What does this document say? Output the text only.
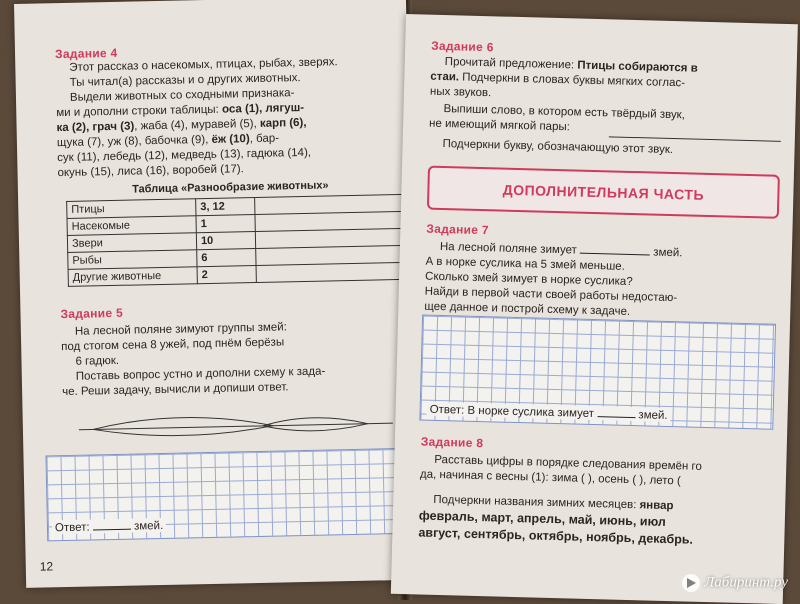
Задание 4

Этот рассказ о насекомых, птицах, рыбах, зверях.

Ты читал(а) рассказы и о других животных.

Выдели животных со сходными признака-

ми и дополни строки таблицы: оса (1), лягуш-

ка (2), грач (3), жаба (4), муравей (5), карп (6),

щука (7), уж (8), бабочка (9), ёж (10), бар-

сук (11), лебедь (12), медведь (13), гадюка (14),

окунь (15), лиса (16), воробей (17).

Таблица «Разнообразие животных»

Птицы	3, 12	
Насекомые	1	
Звери	10	
Рыбы	6	
Другие животные	2	

Задание 5

На лесной поляне зимуют группы змей:

под стогом сена 8 ужей, под пнём берёзы

6 гадюк.

Поставь вопрос устно и дополни схему к зада-

че. Реши задачу, вычисли и допиши ответ.

Ответ:	змей.
12

Задание 6

Прочитай предложение: Птицы собираются в

стаи. Подчеркни в словах буквы мягких соглас-

ных звуков.

Выпиши слово, в котором есть твёрдый звук,

не имеющий мягкой пары:

Подчеркни букву, обозначающую этот звук.

ДОПОЛНИТЕЛЬНАЯ ЧАСТЬ

Задание 7

На лесной поляне зимует	змей.

А в норке суслика на 5 змей меньше.

Сколько змей зимует в норке суслика?

Найди в первой части своей работы недостаю-

щее данное и построй схему к задаче.

Ответ: В норке суслика зимует	змей.

Задание 8

Расставь цифры в порядке следования времён го

да, начиная с весны (1): зима ( ), осень ( ), лето (

Подчеркни названия зимних месяцев: январ

февраль, март, апрель, май, июнь, июл

август, сентябрь, октябрь, ноябрь, декабрь.

Лабиринт.ру
